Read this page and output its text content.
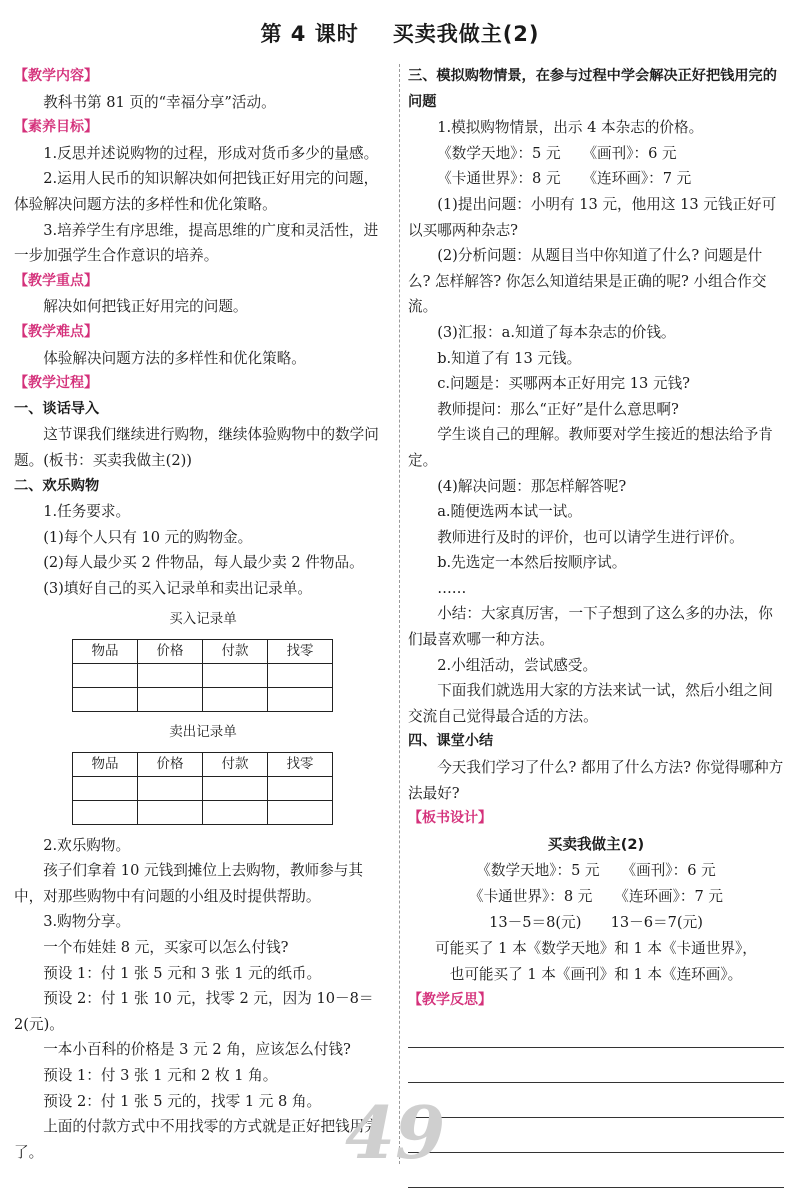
第 4 课时 买卖我做主(2)

【教学内容】

教科书第 81 页的“幸福分享”活动。

【素养目标】

1.反思并述说购物的过程，形成对货币多少的量感。

2.运用人民币的知识解决如何把钱正好用完的问题，体验解决问题方法的多样性和优化策略。

3.培养学生有序思维，提高思维的广度和灵活性，进一步加强学生合作意识的培养。

【教学重点】

解决如何把钱正好用完的问题。

【教学难点】

体验解决问题方法的多样性和优化策略。

【教学过程】

一、谈话导入

这节课我们继续进行购物，继续体验购物中的数学问题。(板书：买卖我做主(2))

二、欢乐购物

1.任务要求。

(1)每个人只有 10 元的购物金。

(2)每人最少买 2 件物品，每人最少卖 2 件物品。

(3)填好自己的买入记录单和卖出记录单。

买入记录单
物品	价格	付款	找零

卖出记录单
物品	价格	付款	找零

2.欢乐购物。

孩子们拿着 10 元钱到摊位上去购物，教师参与其中，对那些购物中有问题的小组及时提供帮助。

3.购物分享。

一个布娃娃 8 元，买家可以怎么付钱?

预设 1：付 1 张 5 元和 3 张 1 元的纸币。

预设 2：付 1 张 10 元，找零 2 元，因为 10－8＝2(元)。

一本小百科的价格是 3 元 2 角，应该怎么付钱?

预设 1：付 3 张 1 元和 2 枚 1 角。

预设 2：付 1 张 5 元的，找零 1 元 8 角。

上面的付款方式中不用找零的方式就是正好把钱用完了。

三、模拟购物情景，在参与过程中学会解决正好把钱用完的问题

1.模拟购物情景，出示 4 本杂志的价格。

《数学天地》：5 元　　《画刊》：6 元

《卡通世界》：8 元　　《连环画》：7 元

(1)提出问题：小明有 13 元，他用这 13 元钱正好可以买哪两种杂志?

(2)分析问题：从题目当中你知道了什么? 问题是什么? 怎样解答? 你怎么知道结果是正确的呢? 小组合作交流。

(3)汇报：a.知道了每本杂志的价钱。

b.知道了有 13 元钱。

c.问题是：买哪两本正好用完 13 元钱?

教师提问：那么“正好”是什么意思啊?

学生谈自己的理解。教师要对学生接近的想法给予肯定。

(4)解决问题：那怎样解答呢?

a.随便选两本试一试。

教师进行及时的评价，也可以请学生进行评价。

b.先选定一本然后按顺序试。

……

小结：大家真厉害，一下子想到了这么多的办法，你们最喜欢哪一种方法。

2.小组活动，尝试感受。

下面我们就选用大家的方法来试一试，然后小组之间交流自己觉得最合适的方法。

四、课堂小结

今天我们学习了什么? 都用了什么方法? 你觉得哪种方法最好?

【板书设计】

买卖我做主(2)

《数学天地》：5 元　　《画刊》：6 元

《卡通世界》：8 元　　《连环画》：7 元

13－5＝8(元)　　13－6＝7(元)

可能买了 1 本《数学天地》和 1 本《卡通世界》，

也可能买了 1 本《画刊》和 1 本《连环画》。

【教学反思】

49
